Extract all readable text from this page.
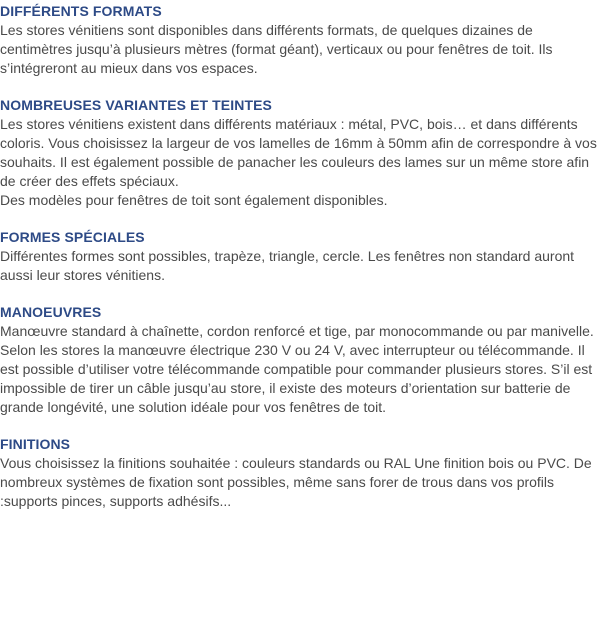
DIFFÉRENTS FORMATS

Les stores vénitiens sont disponibles dans différents formats, de quelques dizaines de centimètres jusqu’à plusieurs mètres (format géant), verticaux ou pour fenêtres de toit. Ils s’intégreront au mieux dans vos espaces.

NOMBREUSES VARIANTES ET TEINTES

Les stores vénitiens existent dans différents matériaux : métal, PVC, bois… et dans différents coloris. Vous choisissez la largeur de vos lamelles de 16mm à 50mm afin de correspondre à vos souhaits. Il est également possible de panacher les couleurs des lames sur un même store afin de créer des effets spéciaux.

Des modèles pour fenêtres de toit sont également disponibles.

FORMES SPÉCIALES

Différentes formes sont possibles, trapèze, triangle, cercle. Les fenêtres non standard auront aussi leur stores vénitiens.

MANOEUVRES

Manœuvre standard à chaînette, cordon renforcé et tige, par monocommande ou par manivelle. Selon les stores la manœuvre électrique 230 V ou 24 V, avec interrupteur ou télécommande. Il est possible d’utiliser votre télécommande compatible pour commander plusieurs stores. S’il est impossible de tirer un câble jusqu’au store, il existe des moteurs d’orientation sur batterie de grande longévité, une solution idéale pour vos fenêtres de toit.

FINITIONS

Vous choisissez la finitions souhaitée : couleurs standards ou RAL Une finition bois ou PVC. De nombreux systèmes de fixation sont possibles, même sans forer de trous dans vos profils :supports pinces, supports adhésifs...
